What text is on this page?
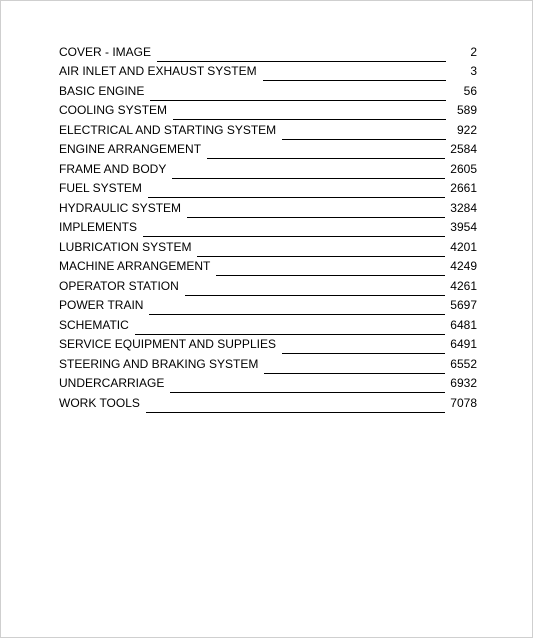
COVER - IMAGE	2
AIR INLET AND EXHAUST SYSTEM	3
BASIC ENGINE	56
COOLING SYSTEM	589
ELECTRICAL AND STARTING SYSTEM	922
ENGINE ARRANGEMENT	2584
FRAME AND BODY	2605
FUEL SYSTEM	2661
HYDRAULIC SYSTEM	3284
IMPLEMENTS	3954
LUBRICATION SYSTEM	4201
MACHINE ARRANGEMENT	4249
OPERATOR STATION	4261
POWER TRAIN	5697
SCHEMATIC	6481
SERVICE EQUIPMENT AND SUPPLIES	6491
STEERING AND BRAKING SYSTEM	6552
UNDERCARRIAGE	6932
WORK TOOLS	7078
